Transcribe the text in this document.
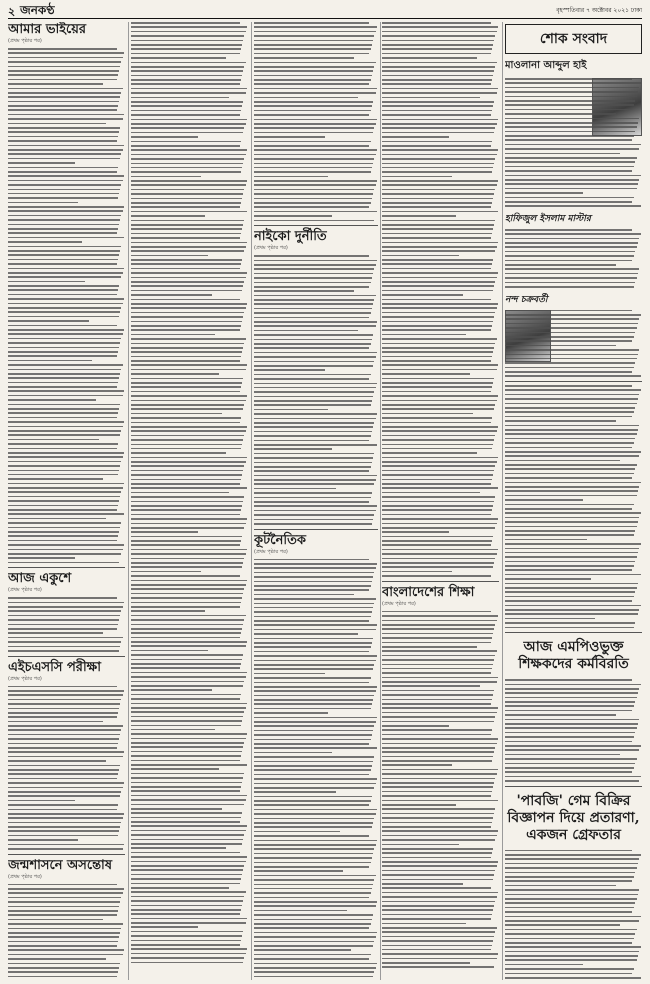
২ জনকণ্ঠ	বৃহস্পতিবার ৭ অক্টোবর ২০২১ ঢাকা
আমার ভাইয়ের
(প্রথম পৃষ্ঠার পর)
আজ একুশে
(প্রথম পৃষ্ঠার পর)
এইচএসসি পরীক্ষা
(প্রথম পৃষ্ঠার পর)
জন্মশাসনে অসন্তোষ
(প্রথম পৃষ্ঠার পর)
নাইকো দুর্নীতি
(প্রথম পৃষ্ঠার পর)
কূটনৈতিক
(প্রথম পৃষ্ঠার পর)
বাংলাদেশের শিক্ষা
(প্রথম পৃষ্ঠার পর)
শোক সংবাদ
মাওলানা আব্দুল হাই
হাফিজুল ইসলাম মাস্টার
নন্দ চক্রবর্তী
আজ এমপিওভুক্ত শিক্ষকদের কর্মবিরতি
'পাবজি' গেম বিক্রির বিজ্ঞাপন দিয়ে প্রতারণা, একজন গ্রেফতার
